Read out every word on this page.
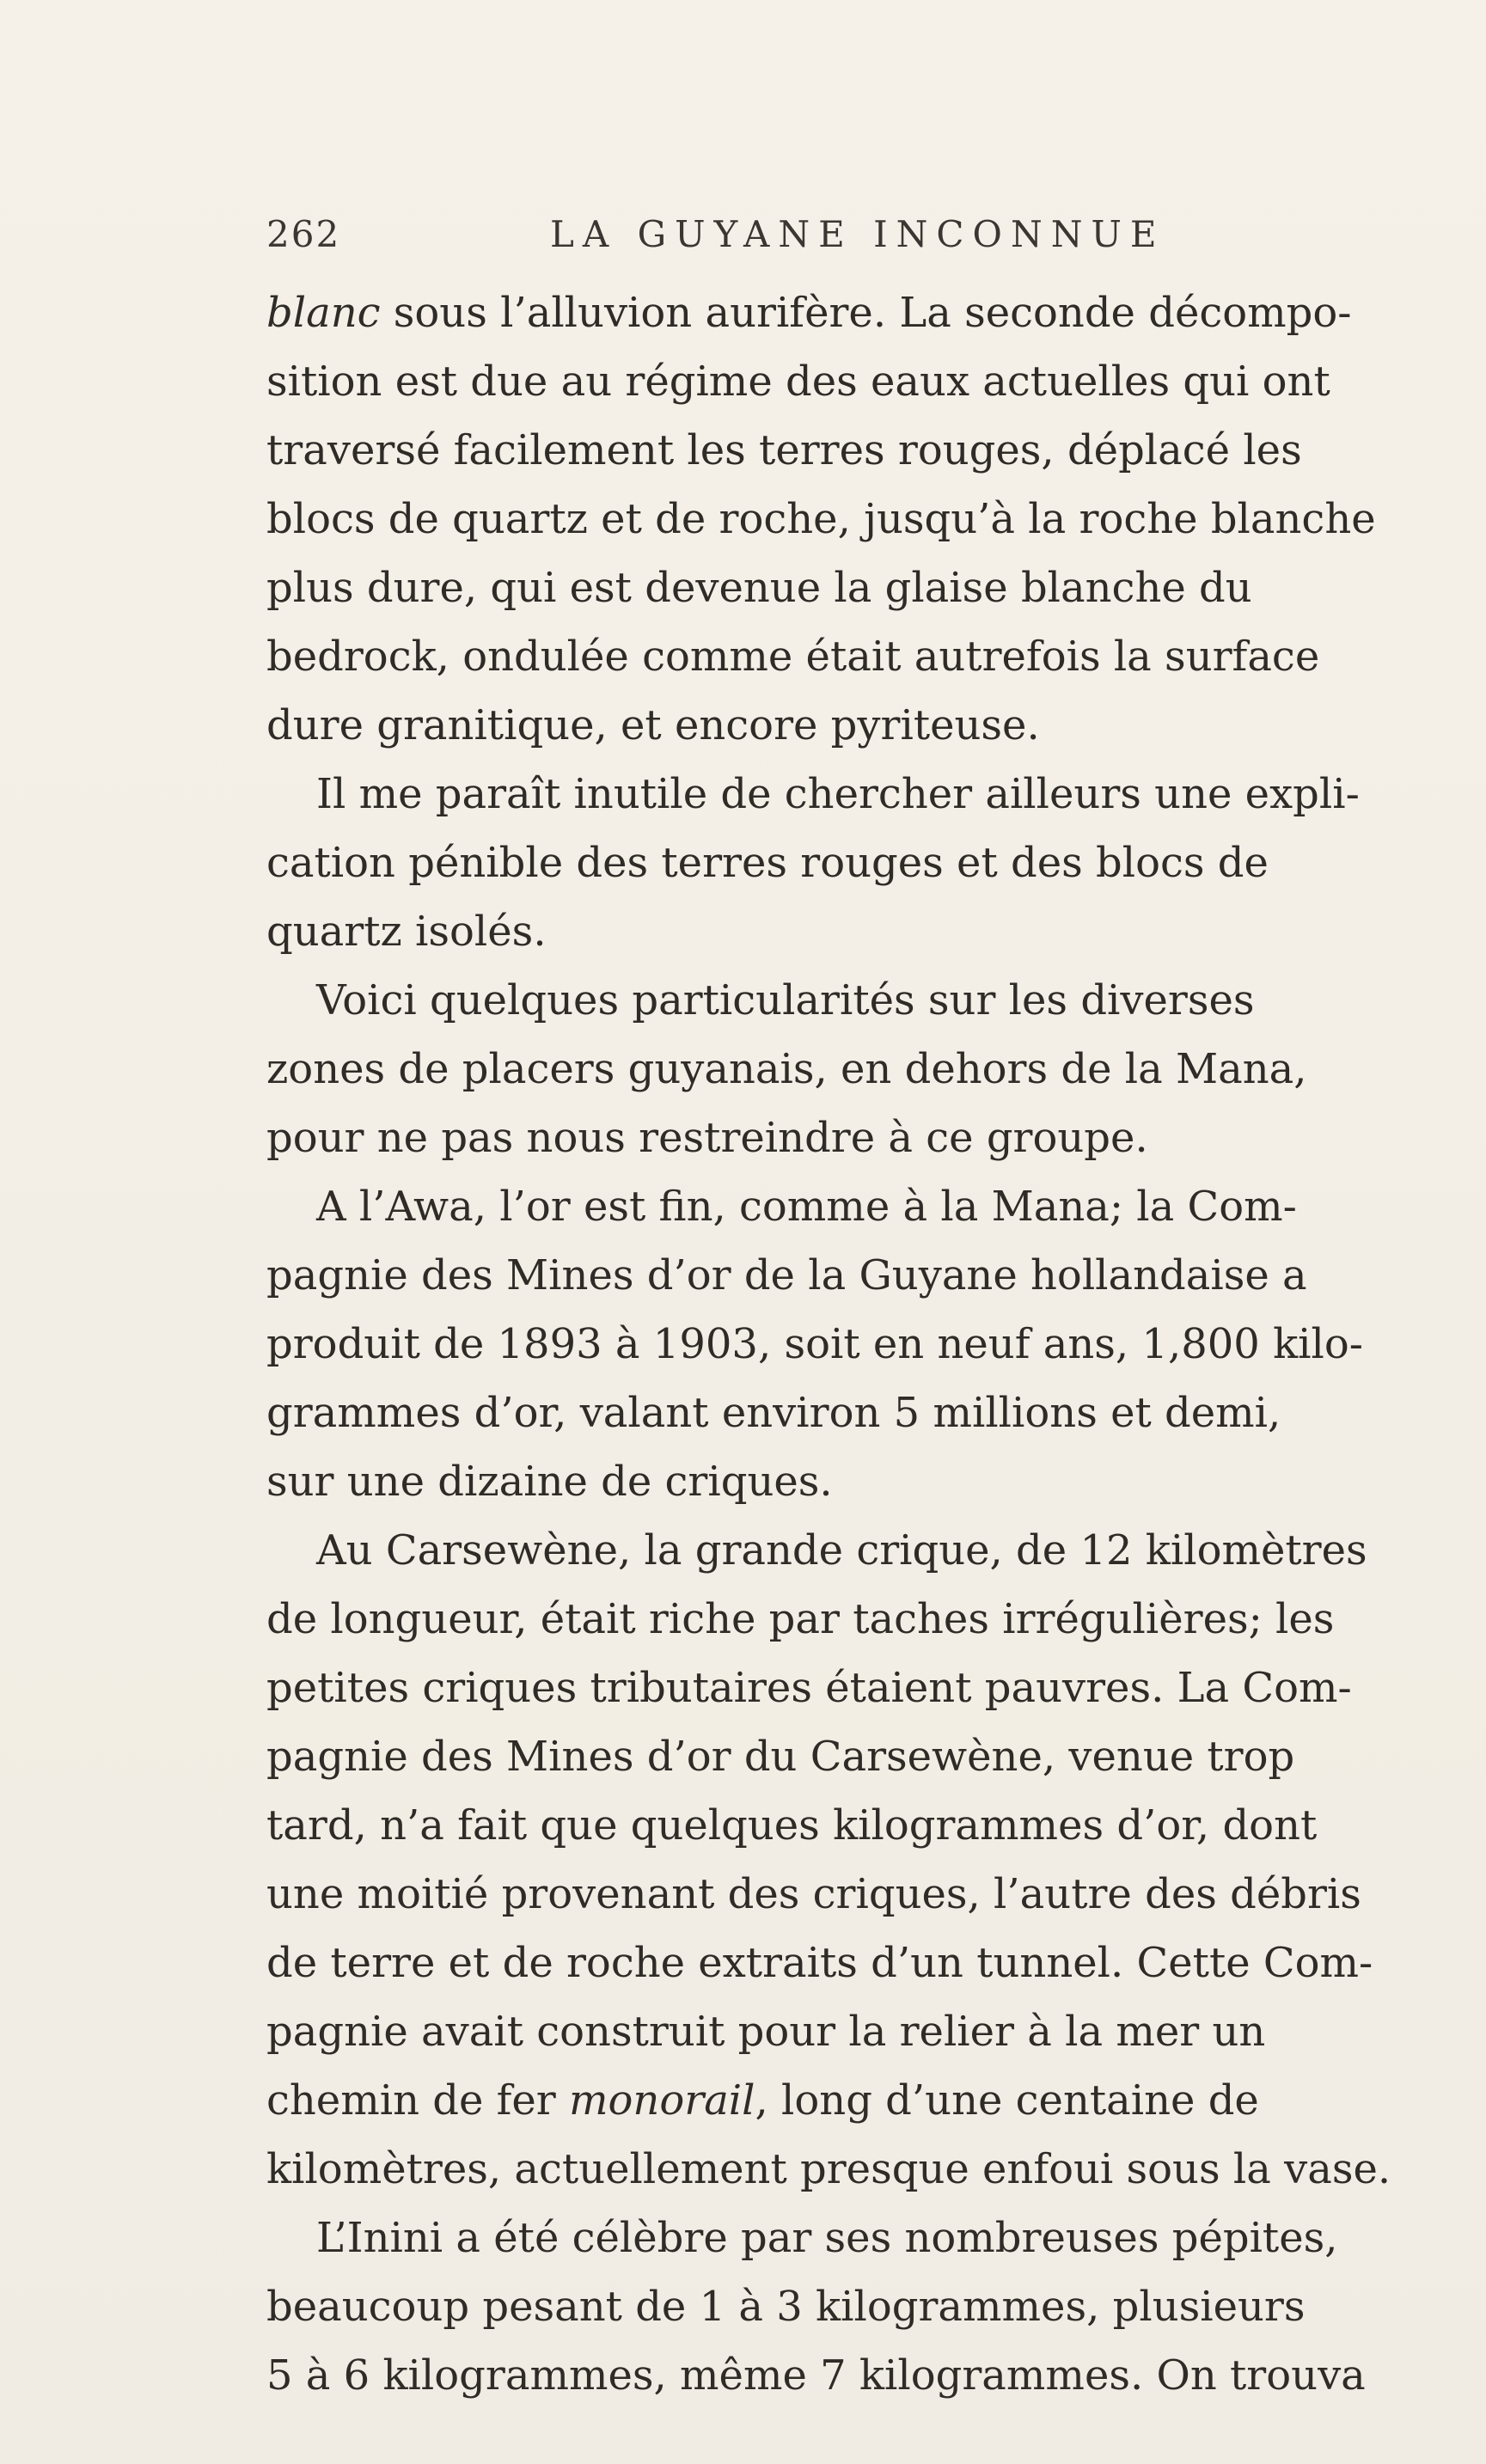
262	LA GUYANE INCONNUE
blanc sous l’alluvion aurifère. La seconde décompo-
sition est due au régime des eaux actuelles qui ont
traversé facilement les terres rouges, déplacé les
blocs de quartz et de roche, jusqu’à la roche blanche
plus dure, qui est devenue la glaise blanche du
bedrock, ondulée comme était autrefois la surface
dure granitique, et encore pyriteuse.
Il me paraît inutile de chercher ailleurs une expli-
cation pénible des terres rouges et des blocs de
quartz isolés.
Voici quelques particularités sur les diverses
zones de placers guyanais, en dehors de la Mana,
pour ne pas nous restreindre à ce groupe.
A l’Awa, l’or est fin, comme à la Mana; la Com-
pagnie des Mines d’or de la Guyane hollandaise a
produit de 1893 à 1903, soit en neuf ans, 1,800 kilo-
grammes d’or, valant environ 5 millions et demi,
sur une dizaine de criques.
Au Carsewène, la grande crique, de 12 kilomètres
de longueur, était riche par taches irrégulières; les
petites criques tributaires étaient pauvres. La Com-
pagnie des Mines d’or du Carsewène, venue trop
tard, n’a fait que quelques kilogrammes d’or, dont
une moitié provenant des criques, l’autre des débris
de terre et de roche extraits d’un tunnel. Cette Com-
pagnie avait construit pour la relier à la mer un
chemin de fer monorail, long d’une centaine de
kilomètres, actuellement presque enfoui sous la vase.
L’Inini a été célèbre par ses nombreuses pépites,
beaucoup pesant de 1 à 3 kilogrammes, plusieurs
5 à 6 kilogrammes, même 7 kilogrammes. On trouva
